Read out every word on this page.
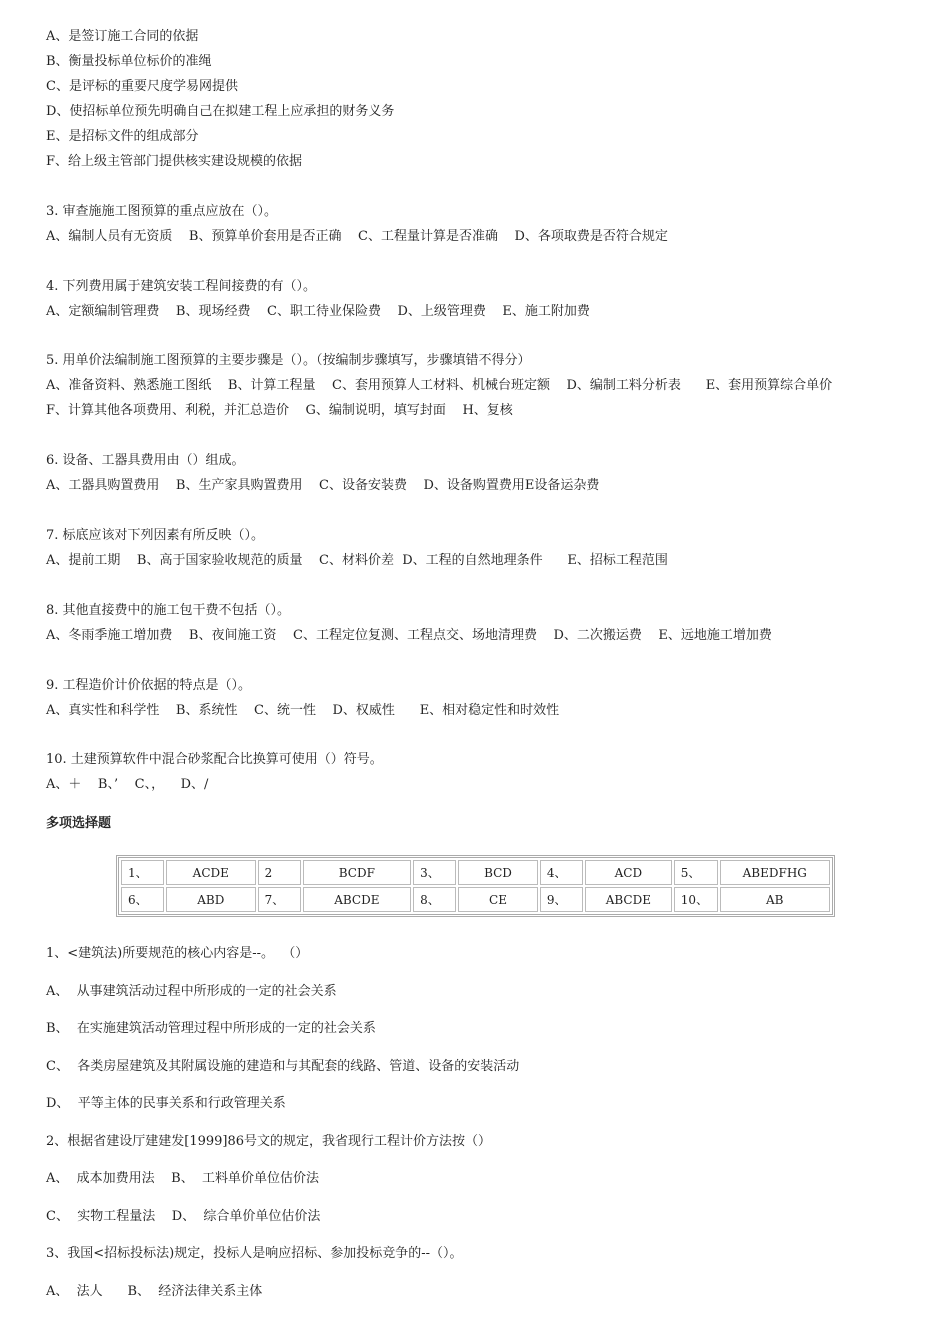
A、是签订施工合同的依据

B、衡量投标单位标价的准绳

C、是评标的重要尺度学易网提供

D、使招标单位预先明确自己在拟建工程上应承担的财务义务

E、是招标文件的组成部分

F、给上级主管部门提供核实建设规模的依据

3. 审查施施工图预算的重点应放在（）。

A、编制人员有无资质    B、预算单价套用是否正确    C、工程量计算是否准确    D、各项取费是否符合规定

4. 下列费用属于建筑安装工程间接费的有（）。

A、定额编制管理费    B、现场经费    C、职工待业保险费    D、上级管理费    E、施工附加费

5. 用单价法编制施工图预算的主要步骤是（）。（按编制步骤填写，步骤填错不得分）

A、准备资料、熟悉施工图纸    B、计算工程量    C、套用预算人工材料、机械台班定额    D、编制工料分析表      E、套用预算综合单价

F、计算其他各项费用、利税，并汇总造价    G、编制说明，填写封面    H、复核

6. 设备、工器具费用由（）组成。

A、工器具购置费用    B、生产家具购置费用    C、设备安装费    D、设备购置费用E设备运杂费

7. 标底应该对下列因素有所反映（）。

A、提前工期    B、高于国家验收规范的质量    C、材料价差  D、工程的自然地理条件      E、招标工程范围

8. 其他直接费中的施工包干费不包括（）。

A、冬雨季施工增加费    B、夜间施工资    C、工程定位复测、工程点交、场地清理费    D、二次搬运费    E、远地施工增加费

9. 工程造价计价依据的特点是（）。

A、真实性和科学性    B、系统性    C、统一性    D、权威性      E、相对稳定性和时效性

10. 土建预算软件中混合砂浆配合比换算可使用（）符号。

A、＋    B、’    C、，    D、/

多项选择题

1、	ACDE	2	BCDF	3、	BCD	4、	ACD	5、	ABEDFHG
6、	ABD	7、	ABCDE	8、	CE	9、	ABCDE	10、	AB

1、<建筑法)所要规范的核心内容是--。  （）

A、  从事建筑活动过程中所形成的一定的社会关系

B、  在实施建筑活动管理过程中所形成的一定的社会关系

C、  各类房屋建筑及其附属设施的建造和与其配套的线路、管道、设备的安装活动

D、  平等主体的民事关系和行政管理关系

2、根据省建设厅建建发[1999]86号文的规定，我省现行工程计价方法按（）

A、  成本加费用法    B、  工料单价单位估价法

C、  实物工程量法    D、  综合单价单位估价法

3、我国<招标投标法)规定，投标人是响应招标、参加投标竞争的--（）。

A、  法人      B、  经济法律关系主体
